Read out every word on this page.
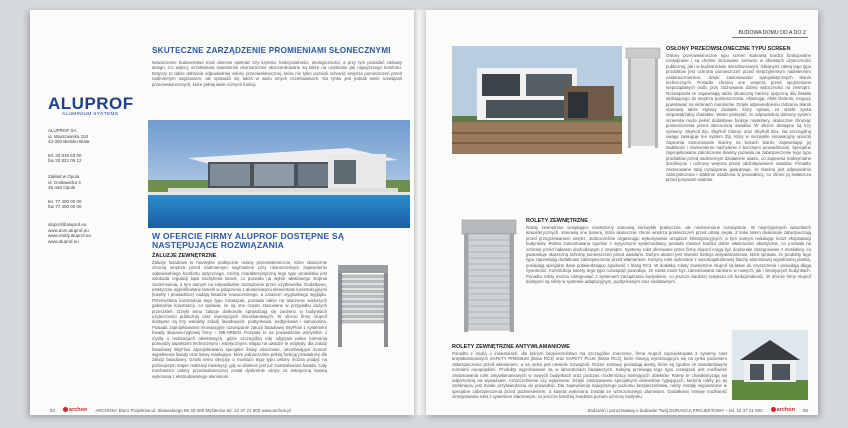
ALUPROF
ALUMINIUM SYSTEMS
ALUPROF SA
ul. Warszawska 153
43-300 Bielsko-Biała
tel. 33 819 53 00
fax 33 822 05 12
Zakład w Opolu
ul. Gosławicka 3
45-446 Opole
tel. 77 400 00 00
fax 77 400 00 06
aluprof@aluprof.eu
www.dom.aluprof.eu
www.visitty.aluprof.eu
www.aluprof.eu
SKUTECZNE ZARZĄDZENIE PROMIENIAMI SŁONECZNYMI
Nowoczesne budownictwo musi obecnie spełniać trzy kryteria: funkcjonalności, ekologiczności, a przy tym posiadać ciekawy design. Co więcej, oczekiwania inwestorów ekonomicznie skoncentrowane są także na uzyskaniu jak najwyższego komfortu. Dotyczy to także dobrania odpowiedniej osłony przeciwsłonecznej, która nie tylko pozwoli ochronić wnętrza pomieszczeń przed nadmiernym nagrzaniem, ale sprawdzi się także w wielu innych oczekiwaniach. Na rynku jest jednak wiele rozwiązań przeciwsłonecznych, które pełnią wiele różnych funkcji.
W OFERCIE FIRMY ALUPROF DOSTĘPNE SĄ NASTĘPUJĄCE ROZWIĄZANIA
ŻALUZJE ZEWNĘTRZNE
Żaluzje fasadowe to niezwykle praktyczne osłony przeciwsłoneczne, które skutecznie chronią wnętrza przed nadmiernym nagrzaniem przy równoczesnym zapewnieniu odpowiedniego komfortu optycznego. Cechą charakterystyczną tego typu produktów jest swoboda regulacji kąta nachylenia lameli, co pozwala na wybór właściwego stopnia zaciemnienia, a tym samym na indywidualne zarządzanie przez użytkownika. Dodatkowo, estetyczne wyprofilowane lamele w połączeniu z aluminiowymi elementami konstrukcyjnymi (kasety i prowadnice) nadają fasadzie nowoczesnego, a zarazem oryginalnego wyglądu. Przemyślana konstrukcja tego typu rozwiązań, pozwala także na tworzenie większych gabarytów konstrukcji, co sprawia, że są one często stosowane w przypadku dużych przeszkleń. Dzięki temu żaluzje doskonale sprawdzają się zarówno w budynkach użyteczności publicznej oraz inwestycjach mieszkaniowych. W ofercie firmy Aluprof dostępne są trzy warianty żaluzji fasadowych: podtynkowa, podtynkowa i samonośna. Posiada zaprojektowano innowacyjne rozwiązanie żaluzji fasadowej SkyFlow z systemem fasady słupowo-ryglowej firmy – MB-SR50N. Pozwala to na prowadzenie wszystkim z myślą o realizacjach obiektowych, gdzie szczególną rolę odgrywa pełna harmonia pomiędzy aspektami technicznymi i estetycznymi. Mając na uwadze te względy, dla żaluzji fasadowej SkyFlow zaprojektowano specjalne listwy ościeżowe, umożliwiające montaż wypełnienia fasady oraz listwy maskujące, które jednocześnie pełnią funkcję prowadnicy dla żaluzji fasadowej. Dzięki temu decyzję o montażu tego typu osłony można podjąć na późniejszym etapie realizacji inwestycji, gdy w obiekcie jest już zainstalowana fasada. Cały mechanizm osłony przeciwsłonecznej został dyskretnie ukryty za estetyczną kasetą wykonaną z ekstrudowanego aluminium.
94	archon ARCHON+ Biuro Projektów ul. Słowackiego 86 32-400 Myślenice tel. 12 37 21 900 www.archon.pl
BUDOWA DOMU OD A DO Z
OSŁONY PRZECIWSŁONECZNE TYPU SCREEN
Osłony przeciwsłoneczne typu screen stanowią bardzo funkcjonalne rozwiązanie i są chętnie stosowane zarówno w obiektach użyteczności publicznej, jak i w budownictwie mieszkaniowym. Głównymi zaletą tego typu produktów jest ochrona pomieszczeń przed nieprzyjemnym nadmiernym nasłonecznieniem, dzięki zastosowaniu specjalistycznych tkanin technicznych. Ponadto chronią one wnętrza przed spojrzeniami niepożądanych osób, przy zachowaniu dobrej widoczności na zewnątrz. Rozwiązania te zapewniają także skuteczną barierę optyczną dla światła wnikającego do wnętrza pomieszczenia, eliminując efekt lśnienia, mogący powstawać na ekranach monitorów. Dzięki odpowiedniemu dobraniu tkanin stanowią także stylowy dodatek, który sprawi, że obiekt zyska niepowtarzalny charakter. Warto pamiętać, że odpowiednio dobrany system screenów może pełnić dodatkowe funkcje moskitiery, skutecznie chroniąc pomieszczenia przed obecnością owadów. W ofercie dostępne są trzy systemy: SkyRoll Zip, SkyRoll Classic oraz SkyRoll Box. Na szczególną uwagę zasługuje ten system Zip, który w niezwykle innowacyjny sposób zapewnia zamocowanie tkaniny na bokach tkanin, zapewniając jej stabilność i równomierne nachylenie z bocznymi prowadnicami. Specjalne zaprojektowane zakończenie tkaniny pozwala na zabezpieczenie tego typu produktów przed nadmiernym działaniem wiatru, co zapewnia maksymalne dociśnięcie i ochronę wnętrza przed oddziaływaniem owadów. Ponadto zastosowane tutaj rozwiązanie gwarantuje, że tkanina jest odpowiednio zabezpieczona i stabilnie osadzona w prowadnicy, co chroni ją zwłaszcza przed porywami wiatrów.
ROLETY ZEWNĘTRZNE
Rolety zewnętrzne ocieplające zewnętrzny stanowią niezwykle praktyczne, ale niedocenione rozwiązanie. W nieprzyjaznych warunkach atmosferycznych, stanowią one barierę, która skutecznie chroni wnętrza pomieszczeń przed utratą ciepła. Z kolei latem doskonale zabezpieczają przed przegrzewaniem wnętrz. Jednocześnie organizując wykonywanie urządzeń klimatyzacyjnych, a tym samym redukując koszt eksploatacji budynków. Roleta zamontowana zgodnie z wytycznymi systemodawcy posiada również bardzo dobre właściwości akustyczne, co pozwala na ochronę przed hałasem dochodzącym z zewnątrz. Systemy rolet oferowane przez firmę Aluprof mogą być doskonale zintegrowane z moskitiery, co gwarantuje skuteczną ochronę pomieszczeń przed owadami. Dużym atutem jest również funkcja antywłamaniowa, która sprawia, że produkty tego typu zapewniają dodatkowe zabezpieczenie przed włamaniem. Kurtyny rolet wykonane z wysokogatunkowej blachy aluminiowej wypełnionej pianką, posiadają specjalne dane potwierdzające zgodność z klasą RC2. W dodatku, rolety zewnętrzne Aluprof są łatwe do czyszczenia i posiadają długą żywotność. Konstrukcja kasety tego typu rozwiązań powoduje, że roleta może być zamontowana zarówno w nowych, jak i istniejących budynkach. Ponadto rolety można zintegrować z systemem zarządzania budynkiem, co jeszcze bardziej zwiększa ich funkcjonalność. W ofercie firmy Aluprof dostępne są rolety w systemie adaptacyjnym, podtynkowym oraz nadstawnym.
ROLETY ZEWNĘTRZNE ANTYWŁAMANIOWE
Ponadto z myślą o inwestorach, dla których bezpieczeństwo ma szczególne znaczenie, firma Aluprof zaprojektowała 2 systemy rolet antywłamaniowych SAFETY PREMIUM (klasa RC3) oraz SAFETY PLUS (klasa RC2), które istnieją wyróżniającym się na rynku poziomem zabezpieczenia przed włamaniem, a na rynku jest niewiele rozwiązań. Różne zestawy posiadają atesty, które są zgodne ze standardowymi normami europejskimi. Produkty wypróbowane są w laboratoriach badawczych. Kolejną przewagą tego typu rozwiązań jest możliwość zastosowania rolet antywłamaniowych w nowych budynkach oraz podczas modernizacji istniejących obiektów. Rolety te charakteryzują się odpornością na wyważanie, rozszczelnienie czy wyłamanie. Dzięki zastosowaniu specjalnych elementów ryglujących, kurtyna rolety po jej zamknięciu jest trwale przytwierdzona do prowadnic. Dla zapewnienia najwyższego poziomu bezpieczeństwa, rolety zostały wyposażone w specjalne zabezpieczenia przed podniesieniem, a kaseta wykonana została ze wzmocnionego aluminium. Dodatkowo istnieje możliwość zintegrowania rolet z systemem alarmowym, co jeszcze bardziej zwiększa poziom ochrony budynku.
Zadzwoń i porozmawiaj o budowie! Twój DORADCA PROJEKTOWY – tel. 12 37 21 900	archon 95
